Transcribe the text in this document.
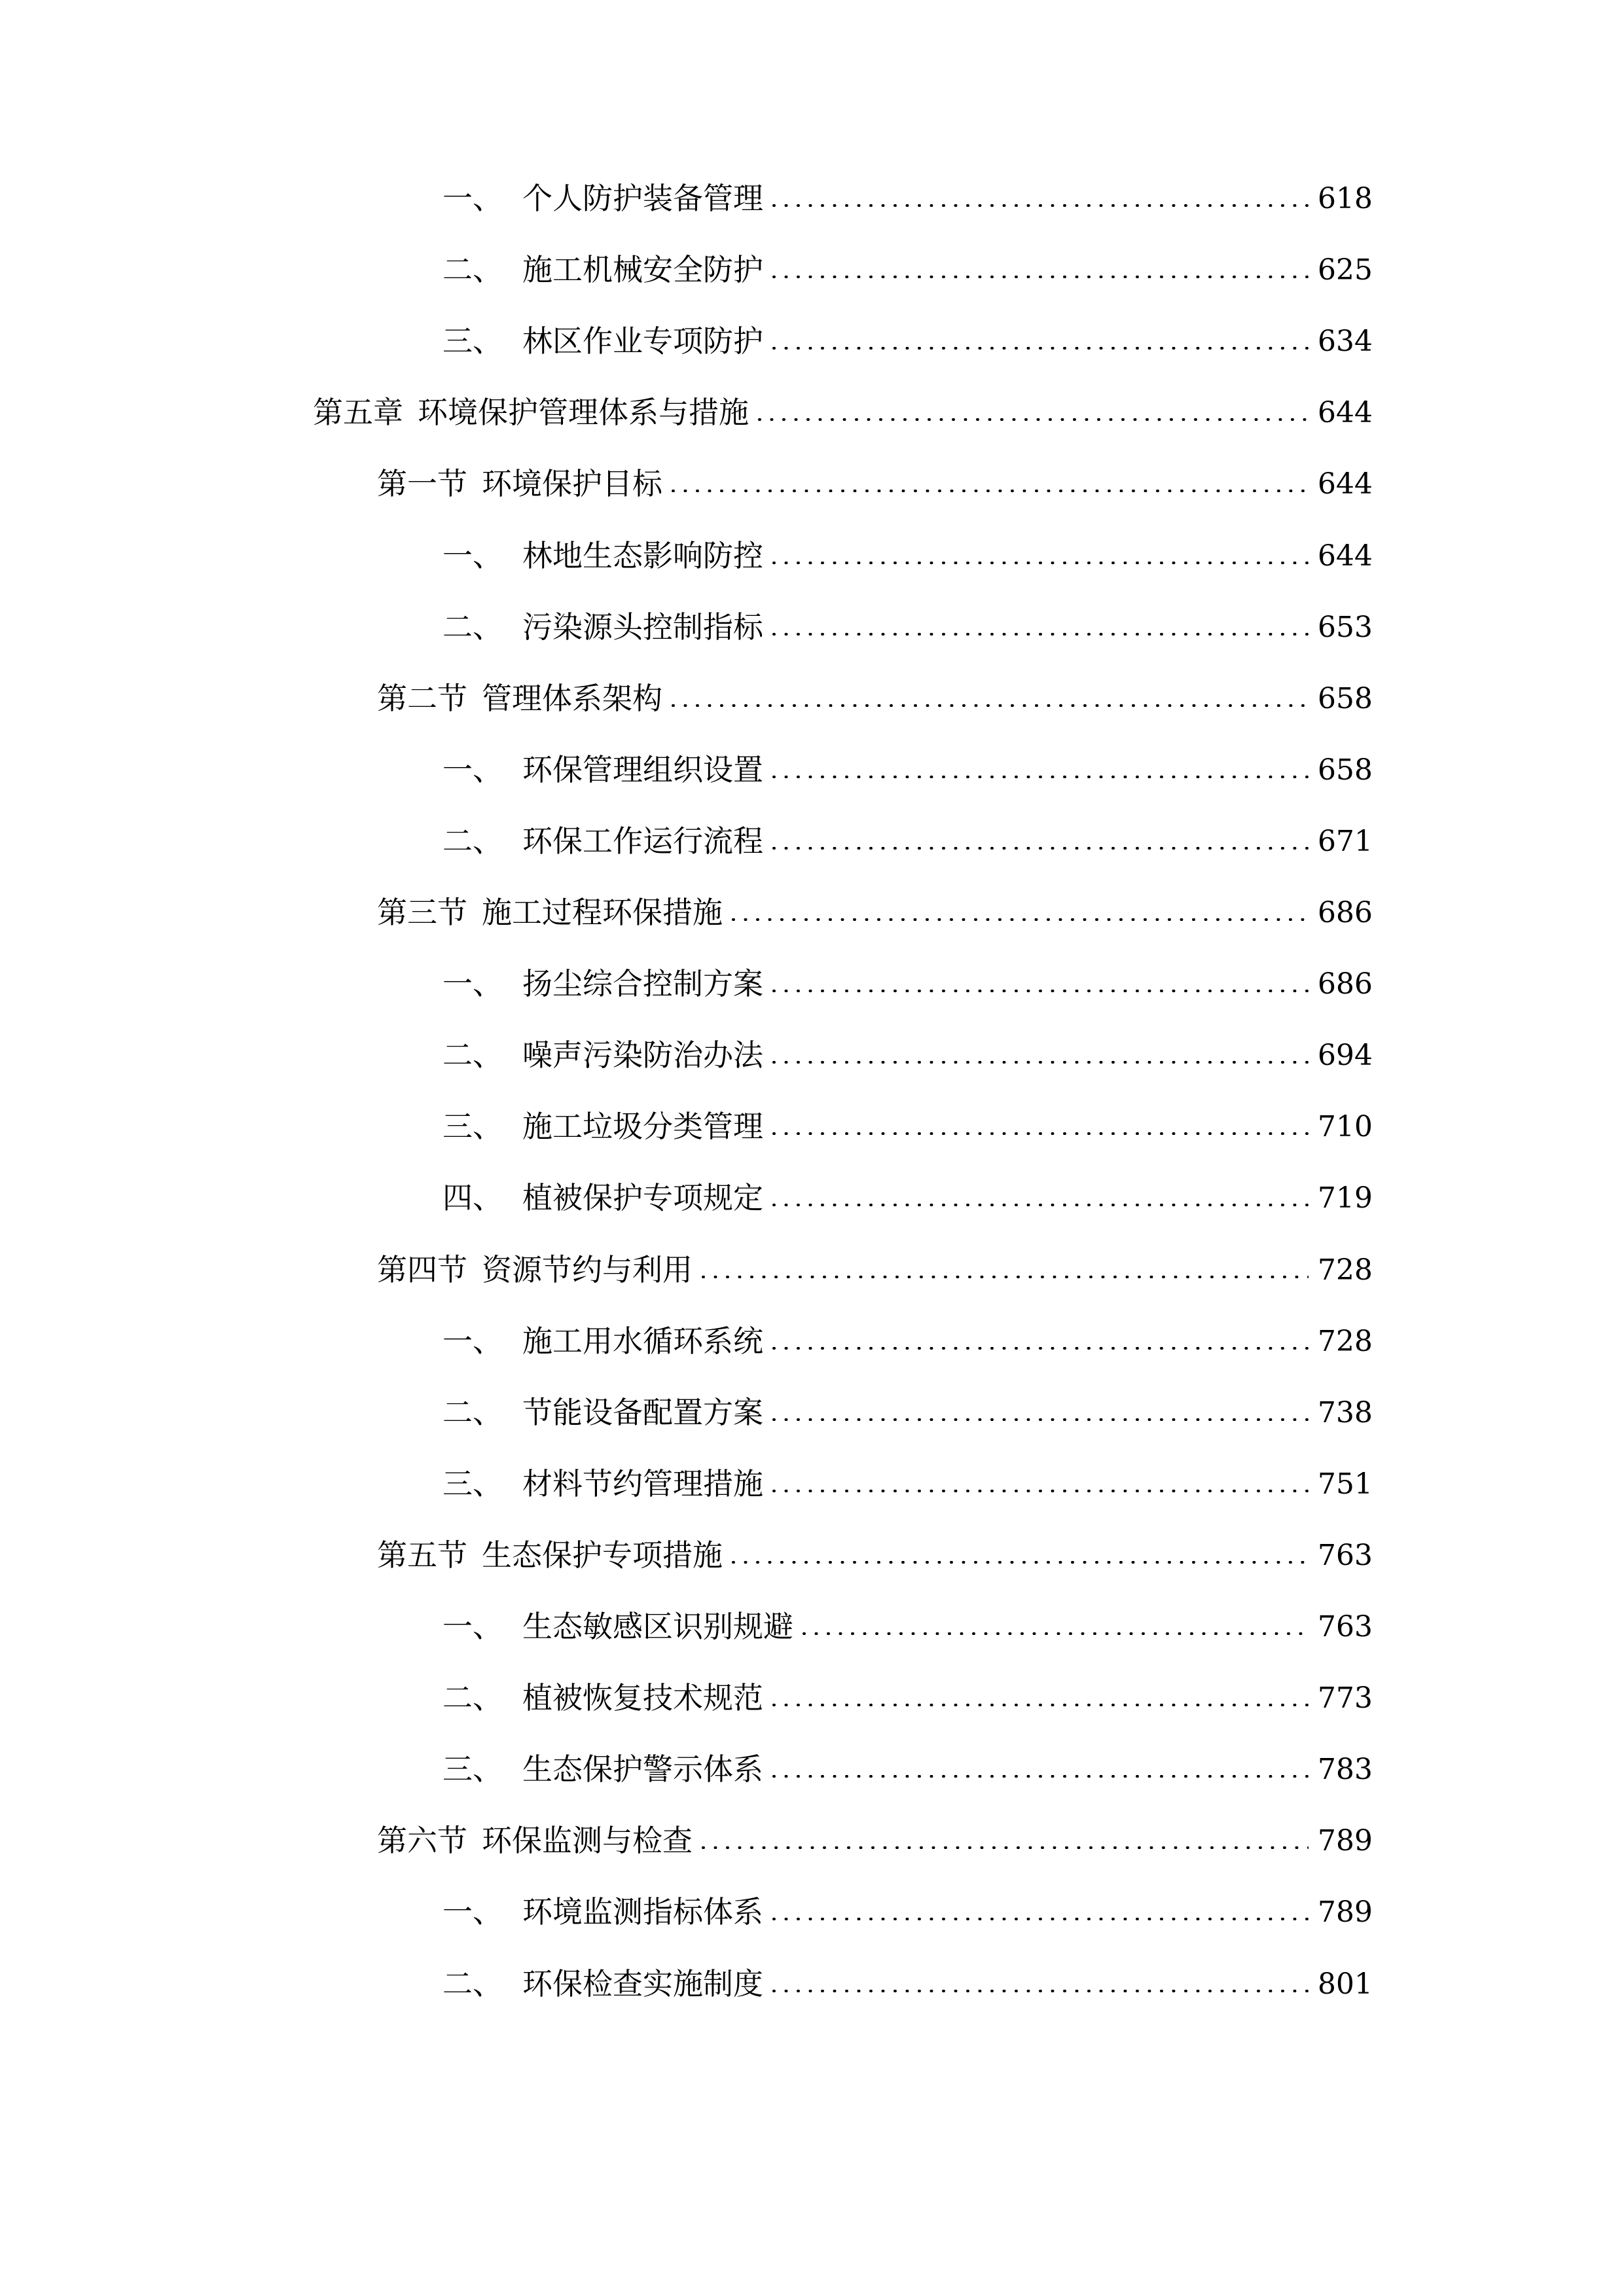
一、 个人防护装备管理	618
二、 施工机械安全防护	625
三、 林区作业专项防护	634
第五章 环境保护管理体系与措施	644
第一节 环境保护目标	644
一、 林地生态影响防控	644
二、 污染源头控制指标	653
第二节 管理体系架构	658
一、 环保管理组织设置	658
二、 环保工作运行流程	671
第三节 施工过程环保措施	686
一、 扬尘综合控制方案	686
二、 噪声污染防治办法	694
三、 施工垃圾分类管理	710
四、 植被保护专项规定	719
第四节 资源节约与利用	728
一、 施工用水循环系统	728
二、 节能设备配置方案	738
三、 材料节约管理措施	751
第五节 生态保护专项措施	763
一、 生态敏感区识别规避	763
二、 植被恢复技术规范	773
三、 生态保护警示体系	783
第六节 环保监测与检查	789
一、 环境监测指标体系	789
二、 环保检查实施制度	801
